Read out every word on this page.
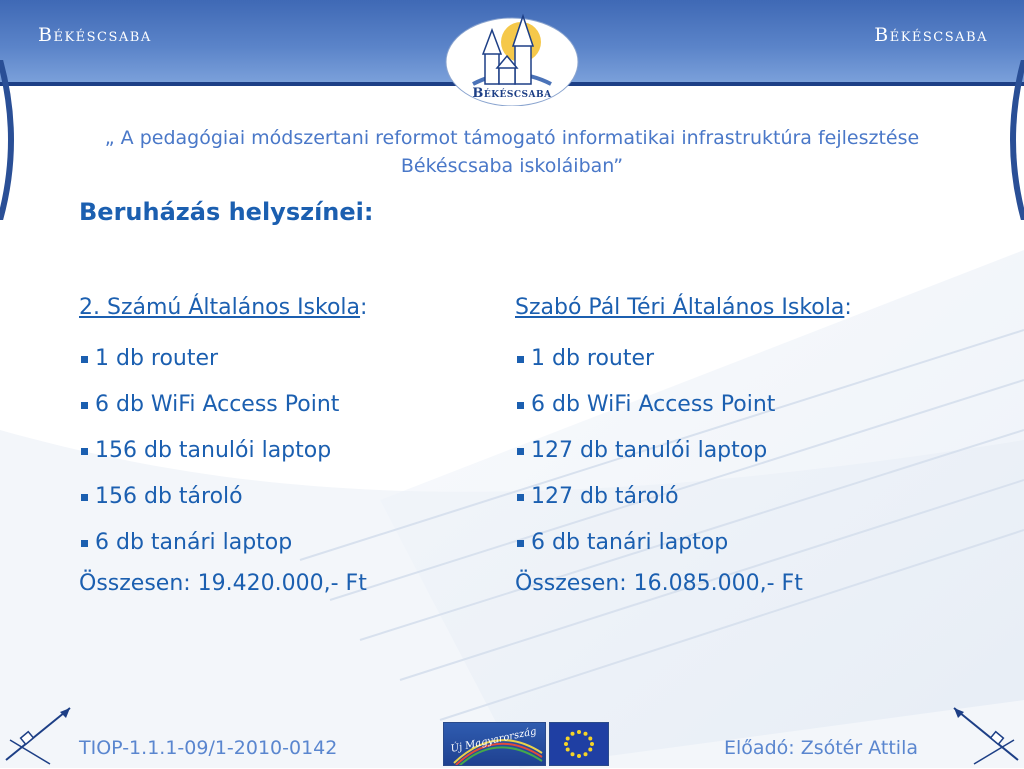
Békéscsaba	Békéscsaba
Békéscsaba
„ A pedagógiai módszertani reformot támogató informatikai infrastruktúra fejlesztése Békéscsaba iskoláiban”
Beruházás helyszínei:
2. Számú Általános Iskola:
1 db router
6 db WiFi Access Point
156 db tanulói laptop
156 db tároló
6 db tanári laptop
Összesen: 19.420.000,- Ft
Szabó Pál Téri Általános Iskola:
1 db router
6 db WiFi Access Point
127 db tanulói laptop
127 db tároló
6 db tanári laptop
Összesen: 16.085.000,- Ft
TIOP-1.1.1-09/1-2010-0142	Új Magyarország	Előadó: Zsótér Attila
